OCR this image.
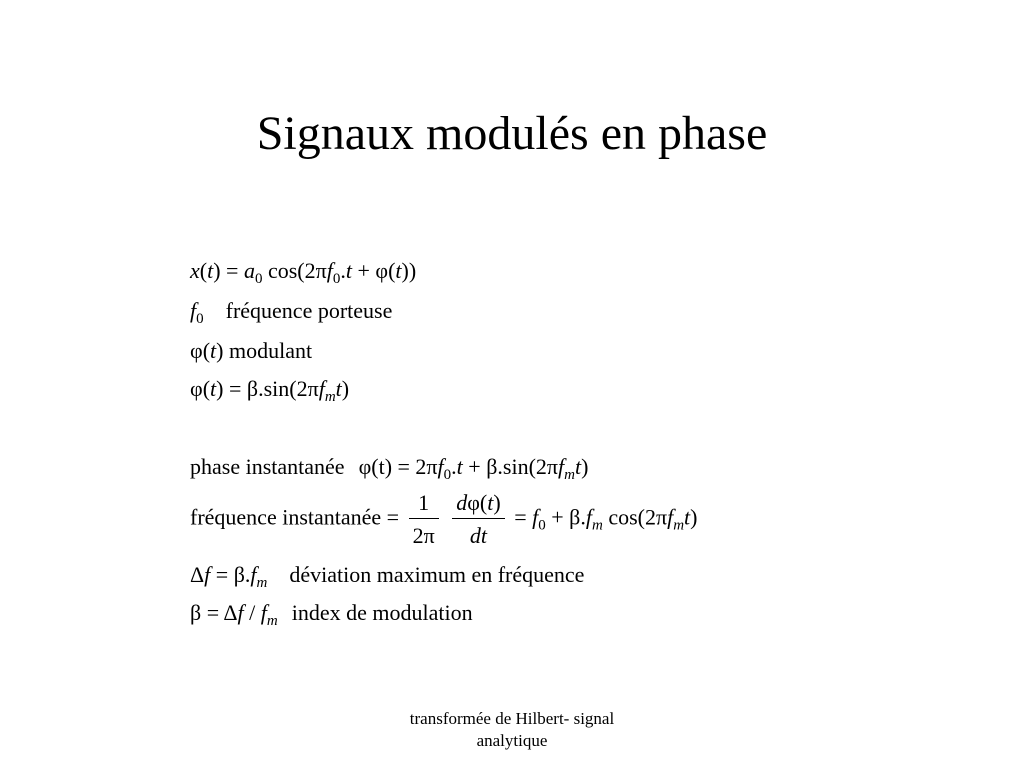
Signaux modulés en phase
$x(t) = a_0$ $\cos(2\pi f_0.t + \varphi(t))$
$f_0$ fréquence porteuse
φ(t) modulant
$\varphi(t) = \beta.\sin(2\pi f_mt)$
phase instantanée $\varphi(t) = 2\pi f_0.t + \beta.\sin(2\pi f_mt)$
fréquence instantanée = $\frac{1}{2\pi}$
$\frac{d\varphi(t)}{dt} = f_0 + \beta.f_m$ $\cos(2\pi f_mt)$
$\Delta f = \beta.f_m$ déviation maximum en fréquence
$\beta = \Delta f / f_m$ index de modulation
transformée de Hilbert- signal
analytique
